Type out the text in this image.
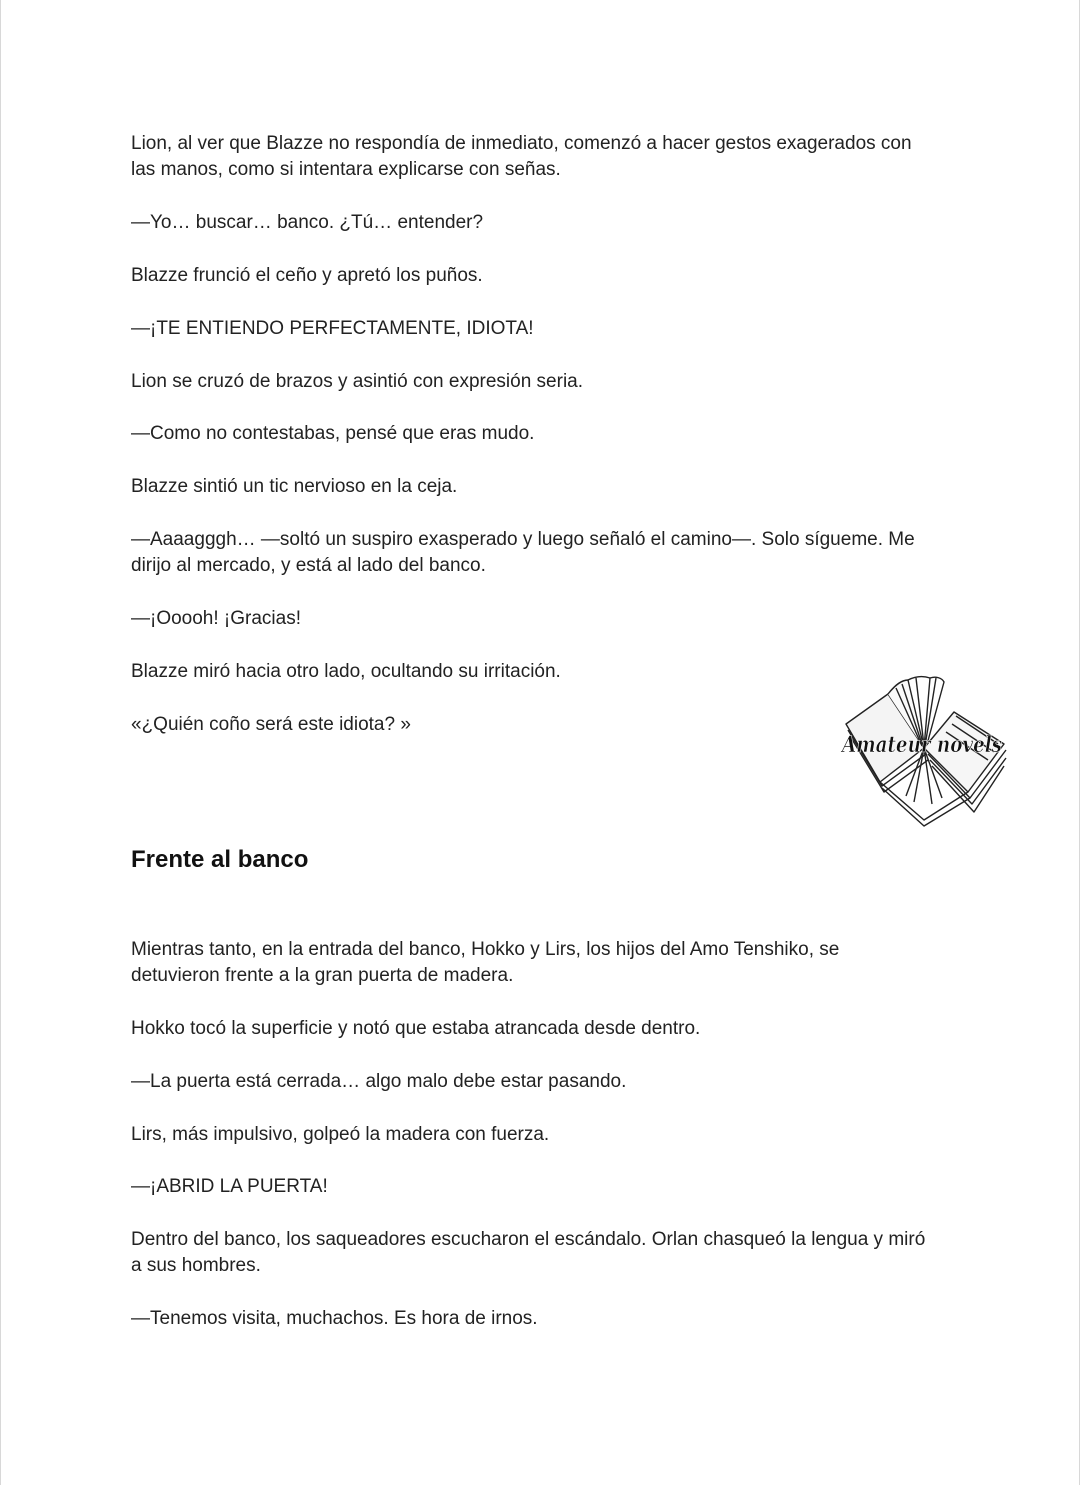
Lion, al ver que Blazze no respondía de inmediato, comenzó a hacer gestos exagerados con las manos, como si intentara explicarse con señas.

—Yo… buscar… banco. ¿Tú… entender?

Blazze frunció el ceño y apretó los puños.

—¡TE ENTIENDO PERFECTAMENTE, IDIOTA!

Lion se cruzó de brazos y asintió con expresión seria.

—Como no contestabas, pensé que eras mudo.

Blazze sintió un tic nervioso en la ceja.

—Aaaagggh… —soltó un suspiro exasperado y luego señaló el camino—. Solo sígueme. Me dirijo al mercado, y está al lado del banco.

—¡Ooooh! ¡Gracias!

Blazze miró hacia otro lado, ocultando su irritación.

«¿Quién coño será este idiota? »

Amateur novels
Frente al banco

Mientras tanto, en la entrada del banco, Hokko y Lirs, los hijos del Amo Tenshiko, se detuvieron frente a la gran puerta de madera.

Hokko tocó la superficie y notó que estaba atrancada desde dentro.

—La puerta está cerrada… algo malo debe estar pasando.

Lirs, más impulsivo, golpeó la madera con fuerza.

—¡ABRID LA PUERTA!

Dentro del banco, los saqueadores escucharon el escándalo. Orlan chasqueó la lengua y miró a sus hombres.

—Tenemos visita, muchachos. Es hora de irnos.
